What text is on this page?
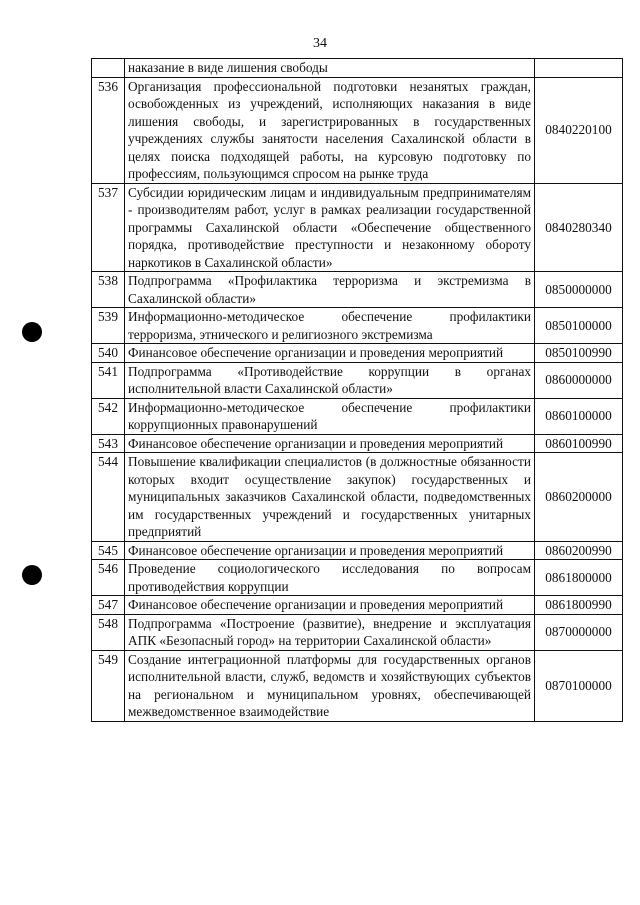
34
	наказание в виде лишения свободы	
536	Организация профессиональной подготовки незанятых граждан, освобожденных из учреждений, исполняющих наказания в виде лишения свободы, и зарегистрированных в государственных учреждениях службы занятости населения Сахалинской области в целях поиска подходящей работы, на курсовую подготовку по профессиям, пользующимся спросом на рынке труда	0840220100
537	Субсидии юридическим лицам и индивидуальным предпринимателям - производителям работ, услуг в рамках реализации государственной программы Сахалинской области «Обеспечение общественного порядка, противодействие преступности и незаконному обороту наркотиков в Сахалинской области»	0840280340
538	Подпрограмма «Профилактика терроризма и экстремизма в Сахалинской области»	0850000000
539	Информационно-методическое обеспечение профилактики терроризма, этнического и религиозного экстремизма	0850100000
540	Финансовое обеспечение организации и проведения мероприятий	0850100990
541	Подпрограмма «Противодействие коррупции в органах исполнительной власти Сахалинской области»	0860000000
542	Информационно-методическое обеспечение профилактики коррупционных правонарушений	0860100000
543	Финансовое обеспечение организации и проведения мероприятий	0860100990
544	Повышение квалификации специалистов (в должностные обязанности которых входит осуществление закупок) государственных и муниципальных заказчиков Сахалинской области, подведомственных им государственных учреждений и государственных унитарных предприятий	0860200000
545	Финансовое обеспечение организации и проведения мероприятий	0860200990
546	Проведение социологического исследования по вопросам противодействия коррупции	0861800000
547	Финансовое обеспечение организации и проведения мероприятий	0861800990
548	Подпрограмма «Построение (развитие), внедрение и эксплуатация АПК «Безопасный город» на территории Сахалинской области»	0870000000
549	Создание интеграционной платформы для государственных органов исполнительной власти, служб, ведомств и хозяйствующих субъектов на региональном и муниципальном уровнях, обеспечивающей межведомственное взаимодействие	0870100000
